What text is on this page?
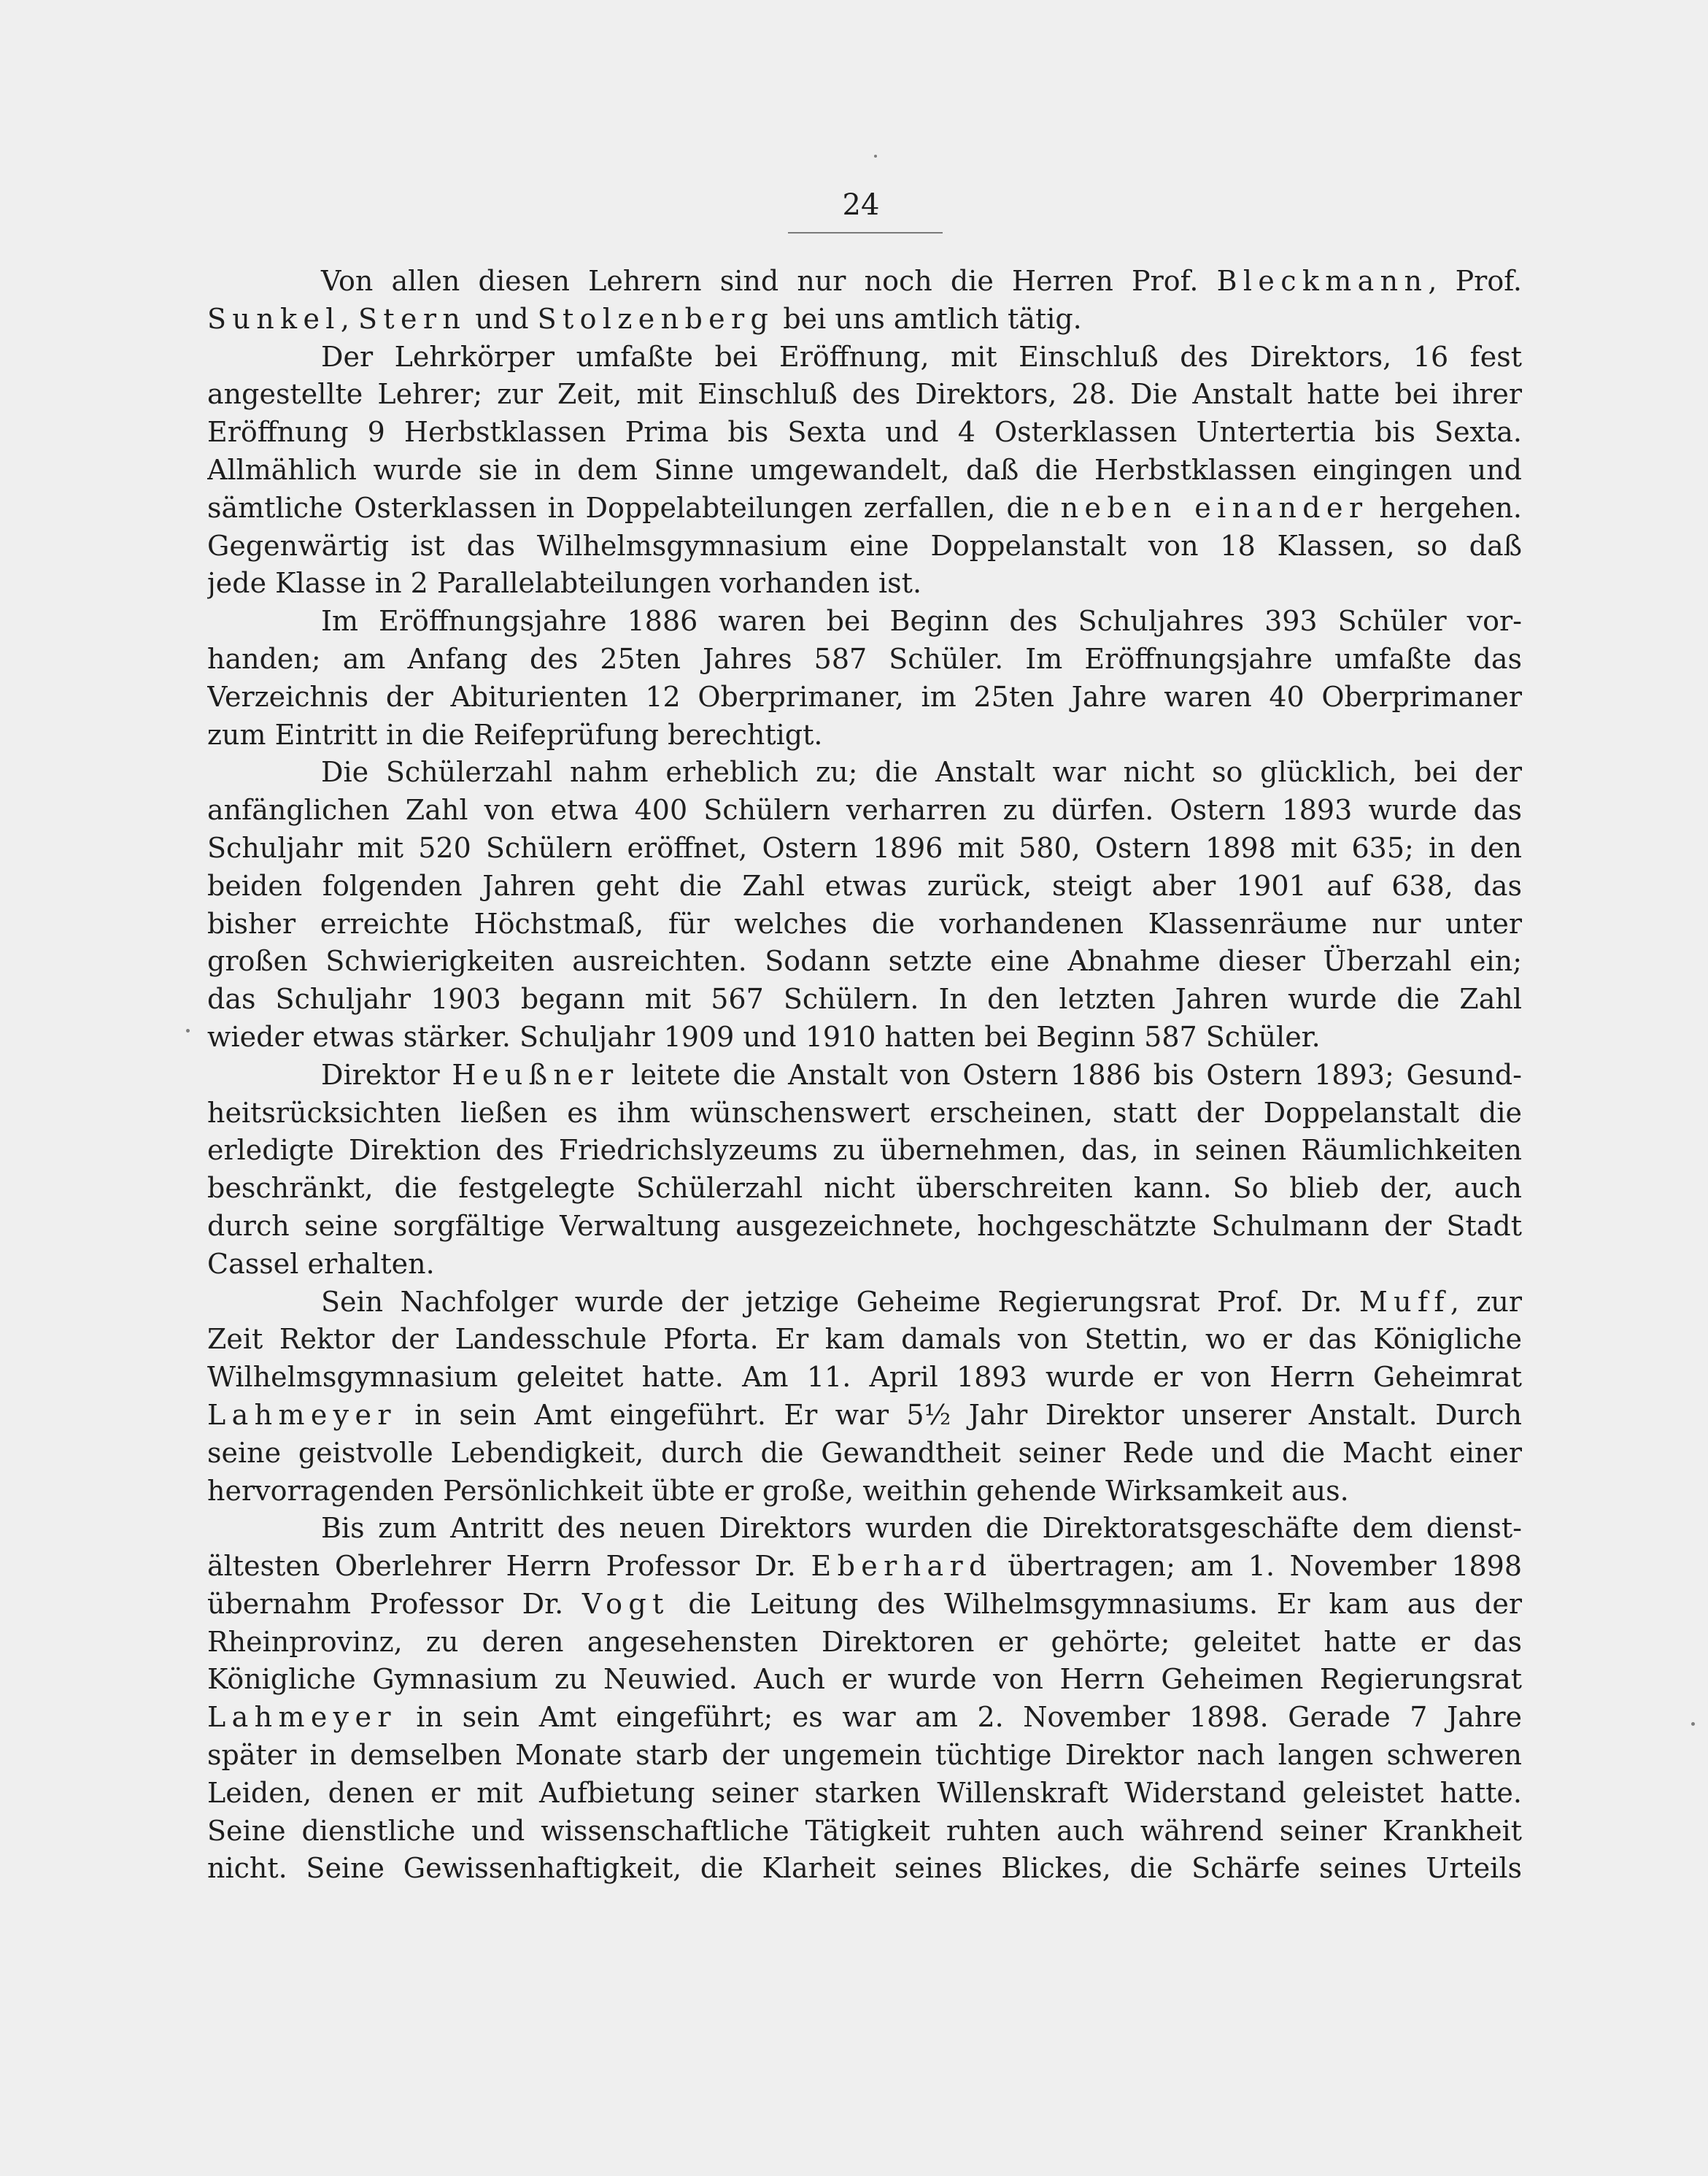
24
Von allen diesen Lehrern sind nur noch die Herren Prof. Bleckmann, Prof.
Sunkel, Stern und Stolzenberg bei uns amtlich tätig.
Der Lehrkörper umfaßte bei Eröffnung, mit Einschluß des Direktors, 16 fest
angestellte Lehrer; zur Zeit, mit Einschluß des Direktors, 28. Die Anstalt hatte bei ihrer
Eröffnung 9 Herbstklassen Prima bis Sexta und 4 Osterklassen Untertertia bis Sexta.
Allmählich wurde sie in dem Sinne umgewandelt, daß die Herbstklassen eingingen und
sämtliche Osterklassen in Doppelabteilungen zerfallen, die neben einander hergehen.
Gegenwärtig ist das Wilhelmsgymnasium eine Doppelanstalt von 18 Klassen, so daß
jede Klasse in 2 Parallelabteilungen vorhanden ist.
Im Eröffnungsjahre 1886 waren bei Beginn des Schuljahres 393 Schüler vor-
handen; am Anfang des 25ten Jahres 587 Schüler. Im Eröffnungsjahre umfaßte das
Verzeichnis der Abiturienten 12 Oberprimaner, im 25ten Jahre waren 40 Oberprimaner
zum Eintritt in die Reifeprüfung berechtigt.
Die Schülerzahl nahm erheblich zu; die Anstalt war nicht so glücklich, bei der
anfänglichen Zahl von etwa 400 Schülern verharren zu dürfen. Ostern 1893 wurde das
Schuljahr mit 520 Schülern eröffnet, Ostern 1896 mit 580, Ostern 1898 mit 635; in den
beiden folgenden Jahren geht die Zahl etwas zurück, steigt aber 1901 auf 638, das
bisher erreichte Höchstmaß, für welches die vorhandenen Klassenräume nur unter
großen Schwierigkeiten ausreichten. Sodann setzte eine Abnahme dieser Überzahl ein;
das Schuljahr 1903 begann mit 567 Schülern. In den letzten Jahren wurde die Zahl
wieder etwas stärker. Schuljahr 1909 und 1910 hatten bei Beginn 587 Schüler.
Direktor Heußner leitete die Anstalt von Ostern 1886 bis Ostern 1893; Gesund-
heitsrücksichten ließen es ihm wünschenswert erscheinen, statt der Doppelanstalt die
erledigte Direktion des Friedrichslyzeums zu übernehmen, das, in seinen Räumlichkeiten
beschränkt, die festgelegte Schülerzahl nicht überschreiten kann. So blieb der, auch
durch seine sorgfältige Verwaltung ausgezeichnete, hochgeschätzte Schulmann der Stadt
Cassel erhalten.
Sein Nachfolger wurde der jetzige Geheime Regierungsrat Prof. Dr. Muff, zur
Zeit Rektor der Landesschule Pforta. Er kam damals von Stettin, wo er das Königliche
Wilhelmsgymnasium geleitet hatte. Am 11. April 1893 wurde er von Herrn Geheimrat
Lahmeyer in sein Amt eingeführt. Er war 5½ Jahr Direktor unserer Anstalt. Durch
seine geistvolle Lebendigkeit, durch die Gewandtheit seiner Rede und die Macht einer
hervorragenden Persönlichkeit übte er große, weithin gehende Wirksamkeit aus.
Bis zum Antritt des neuen Direktors wurden die Direktoratsgeschäfte dem dienst-
ältesten Oberlehrer Herrn Professor Dr. Eberhard übertragen; am 1. November 1898
übernahm Professor Dr. Vogt die Leitung des Wilhelmsgymnasiums. Er kam aus der
Rheinprovinz, zu deren angesehensten Direktoren er gehörte; geleitet hatte er das
Königliche Gymnasium zu Neuwied. Auch er wurde von Herrn Geheimen Regierungsrat
Lahmeyer in sein Amt eingeführt; es war am 2. November 1898. Gerade 7 Jahre
später in demselben Monate starb der ungemein tüchtige Direktor nach langen schweren
Leiden, denen er mit Aufbietung seiner starken Willenskraft Widerstand geleistet hatte.
Seine dienstliche und wissenschaftliche Tätigkeit ruhten auch während seiner Krankheit
nicht. Seine Gewissenhaftigkeit, die Klarheit seines Blickes, die Schärfe seines Urteils
